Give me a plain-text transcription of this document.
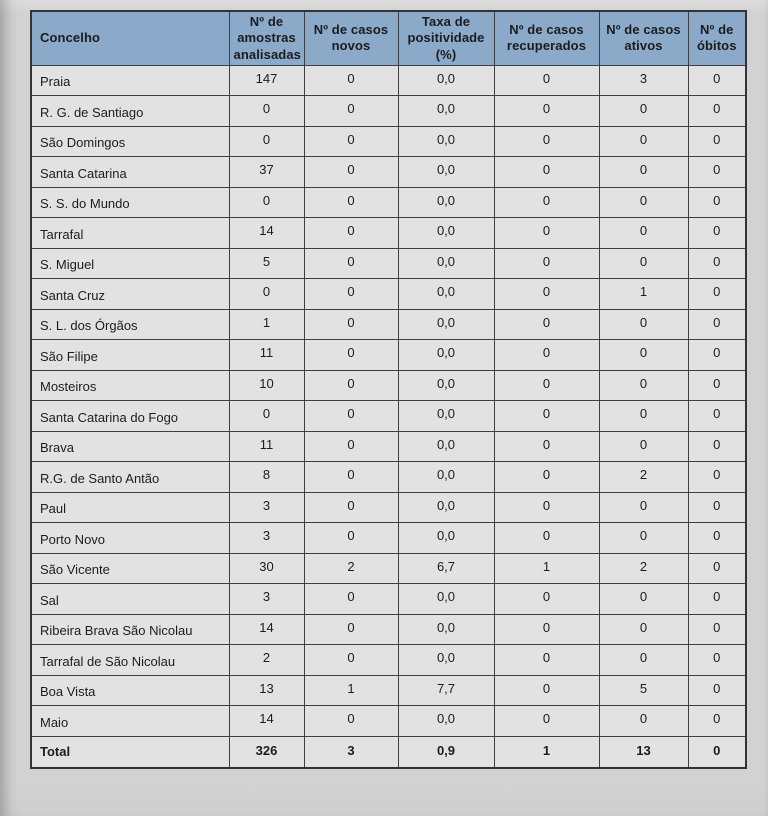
Concelho	Nº de amostras analisadas	Nº de casos novos	Taxa de positividade (%)	Nº de casos recuperados	Nº de casos ativos	Nº de óbitos
Praia	147	0	0,0	0	3	0
R. G. de Santiago	0	0	0,0	0	0	0
São Domingos	0	0	0,0	0	0	0
Santa Catarina	37	0	0,0	0	0	0
S. S. do Mundo	0	0	0,0	0	0	0
Tarrafal	14	0	0,0	0	0	0
S. Miguel	5	0	0,0	0	0	0
Santa Cruz	0	0	0,0	0	1	0
S. L. dos Órgãos	1	0	0,0	0	0	0
São Filipe	11	0	0,0	0	0	0
Mosteiros	10	0	0,0	0	0	0
Santa Catarina do Fogo	0	0	0,0	0	0	0
Brava	11	0	0,0	0	0	0
R.G. de Santo Antão	8	0	0,0	0	2	0
Paul	3	0	0,0	0	0	0
Porto Novo	3	0	0,0	0	0	0
São Vicente	30	2	6,7	1	2	0
Sal	3	0	0,0	0	0	0
Ribeira Brava São Nicolau	14	0	0,0	0	0	0
Tarrafal de São Nicolau	2	0	0,0	0	0	0
Boa Vista	13	1	7,7	0	5	0
Maio	14	0	0,0	0	0	0
Total	326	3	0,9	1	13	0
